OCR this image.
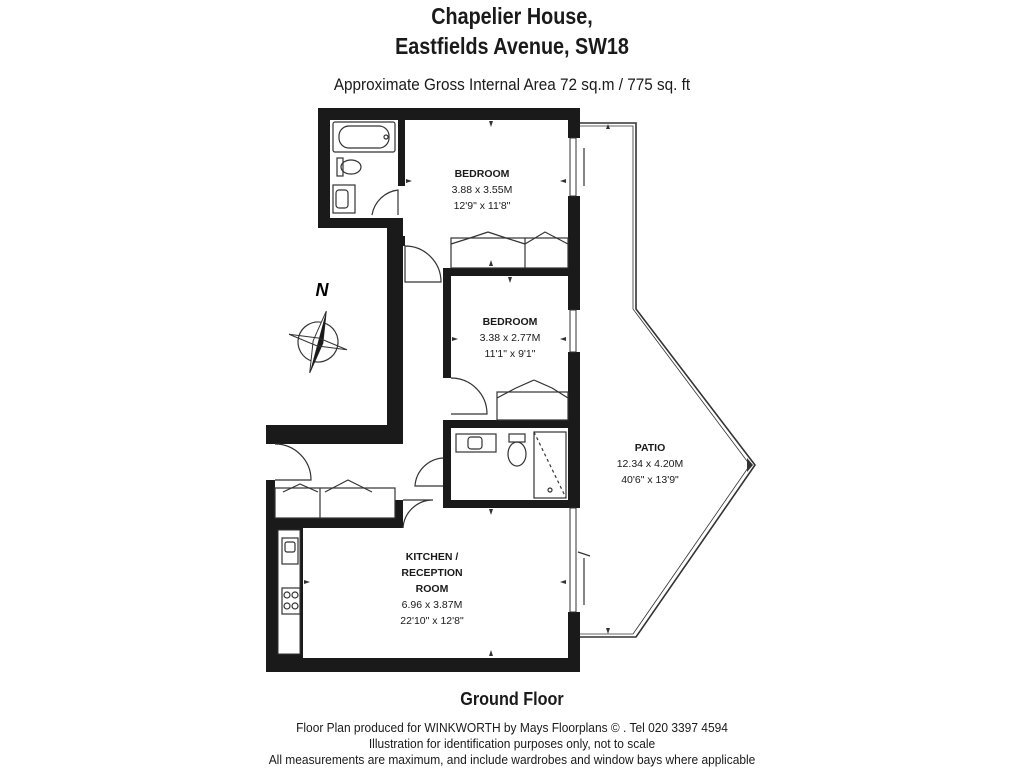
Chapelier House,
Eastfields Avenue, SW18
Approximate Gross Internal Area 72 sq.m / 775 sq. ft
N
BEDROOM
3.88 x 3.55M
12'9" x 11'8"
BEDROOM
3.38 x 2.77M
11'1" x 9'1"
PATIO
12.34 x 4.20M
40'6" x 13'9"
KITCHEN /
RECEPTION
ROOM
6.96 x 3.87M
22'10" x 12'8"
Ground Floor
Floor Plan produced for WINKWORTH by Mays Floorplans © . Tel 020 3397 4594
Illustration for identification purposes only, not to scale
All measurements are maximum, and include wardrobes and window bays where applicable
